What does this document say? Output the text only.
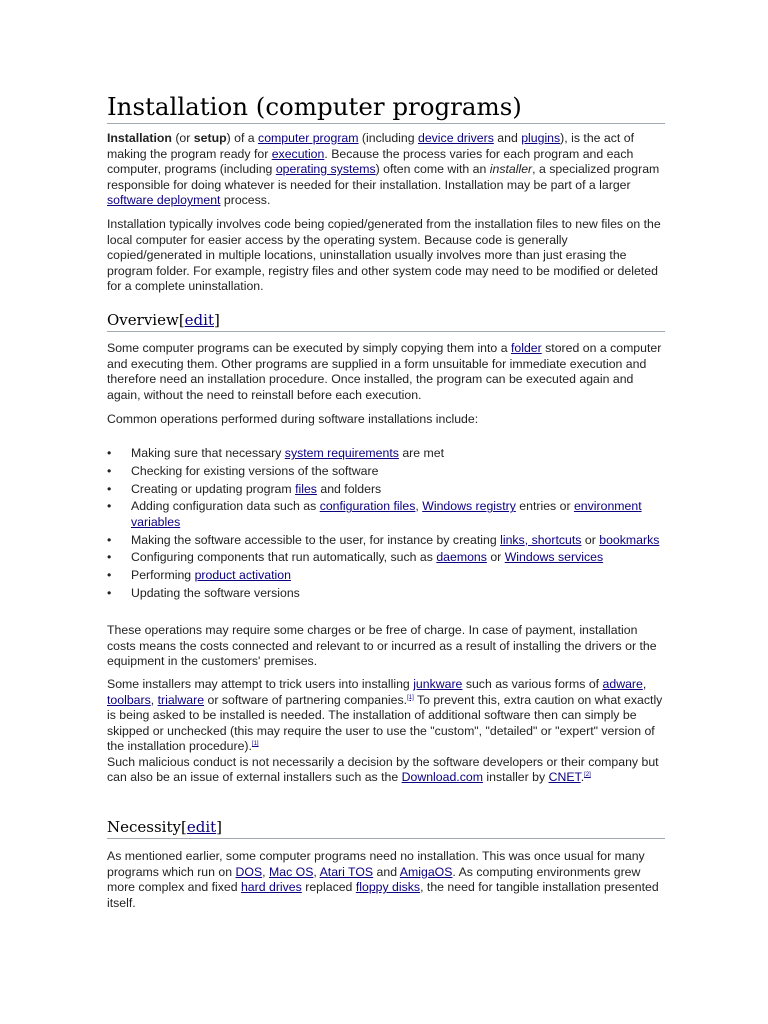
Installation (computer programs)

Installation (or setup) of a computer program (including device drivers and plugins), is the act of making the program ready for execution. Because the process varies for each program and each computer, programs (including operating systems) often come with an installer, a specialized program responsible for doing whatever is needed for their installation. Installation may be part of a larger software deployment process.

Installation typically involves code being copied/generated from the installation files to new files on the local computer for easier access by the operating system. Because code is generally copied/generated in multiple locations, uninstallation usually involves more than just erasing the program folder. For example, registry files and other system code may need to be modified or deleted for a complete uninstallation.

Overview[edit]

Some computer programs can be executed by simply copying them into a folder stored on a computer and executing them. Other programs are supplied in a form unsuitable for immediate execution and therefore need an installation procedure. Once installed, the program can be executed again and again, without the need to reinstall before each execution.

Common operations performed during software installations include:

• Making sure that necessary system requirements are met
• Checking for existing versions of the software
• Creating or updating program files and folders
• Adding configuration data such as configuration files, Windows registry entries or environment variables
• Making the software accessible to the user, for instance by creating links, shortcuts or bookmarks
• Configuring components that run automatically, such as daemons or Windows services
• Performing product activation
• Updating the software versions

These operations may require some charges or be free of charge. In case of payment, installation costs means the costs connected and relevant to or incurred as a result of installing the drivers or the equipment in the customers' premises.

Some installers may attempt to trick users into installing junkware such as various forms of adware, toolbars, trialware or software of partnering companies.[1] To prevent this, extra caution on what exactly is being asked to be installed is needed. The installation of additional software then can simply be skipped or unchecked (this may require the user to use the "custom", "detailed" or "expert" version of the installation procedure).[1]
Such malicious conduct is not necessarily a decision by the software developers or their company but can also be an issue of external installers such as the Download.com installer by CNET.[2]

Necessity[edit]

As mentioned earlier, some computer programs need no installation. This was once usual for many programs which run on DOS, Mac OS, Atari TOS and AmigaOS. As computing environments grew more complex and fixed hard drives replaced floppy disks, the need for tangible installation presented itself.
